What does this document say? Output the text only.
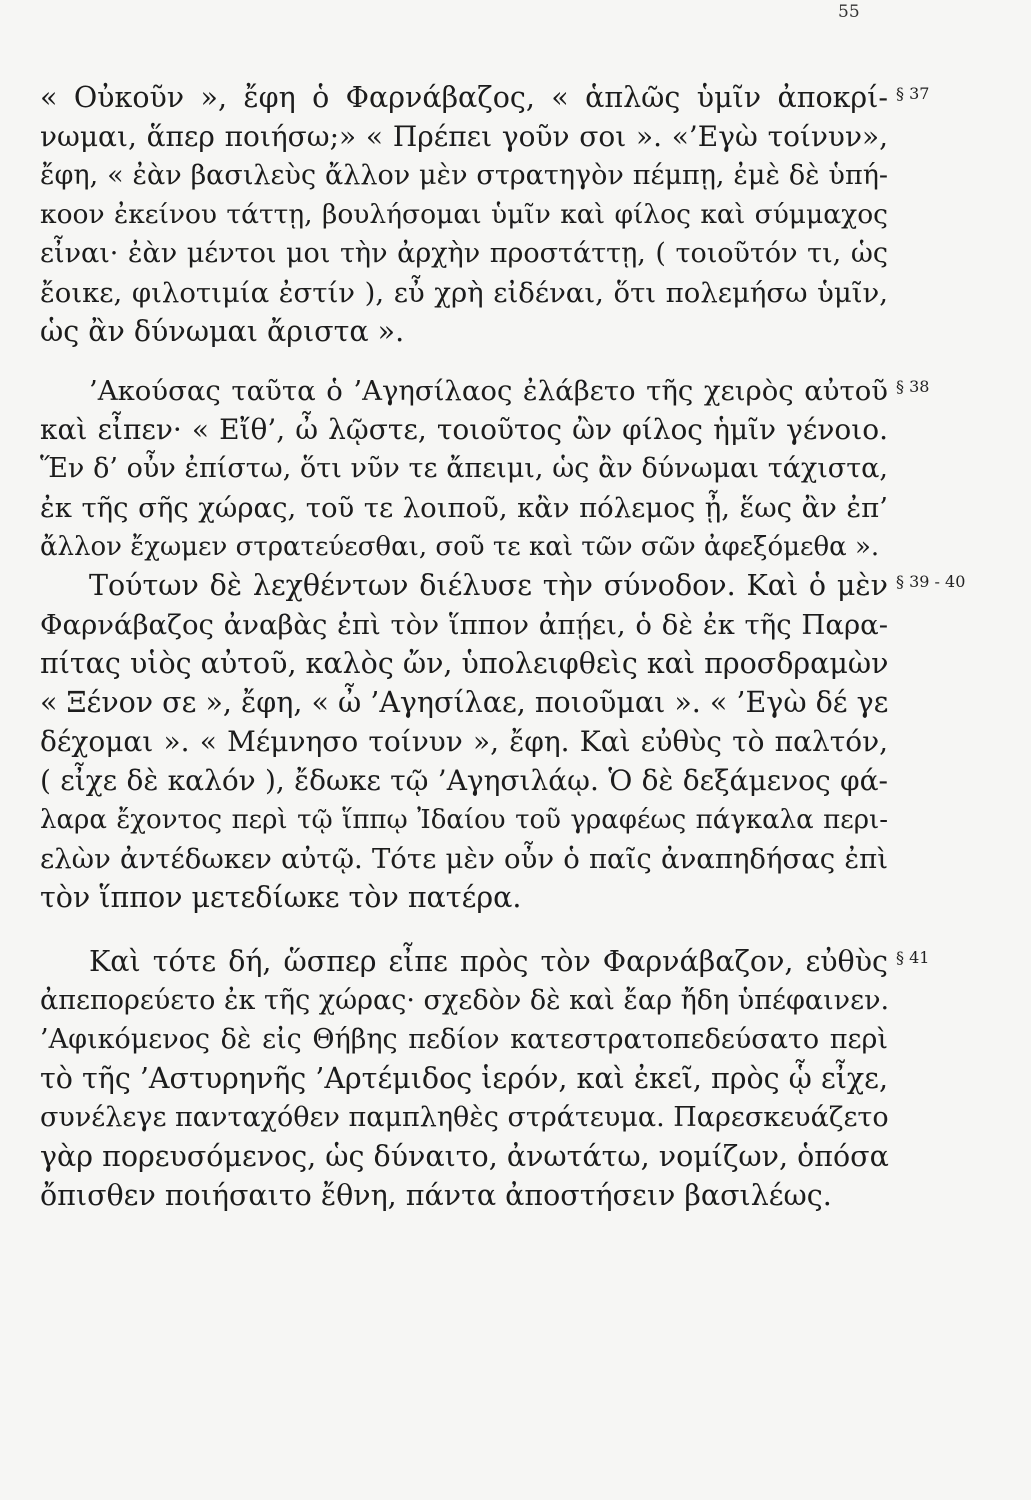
55
« Οὐκοῦν », ἔφη ὁ Φαρνάβαζος, « ἁπλῶς ὑμῖν ἀποκρί-
νωμαι, ἅπερ ποιήσω;» « Πρέπει γοῦν σοι ». «’Εγὼ τοίνυν»,
ἔφη, « ἐὰν βασιλεὺς ἄλλον μὲν στρατηγὸν πέμπῃ, ἐμὲ δὲ ὑπή-
κοον ἐκείνου τάττῃ, βουλήσομαι ὑμῖν καὶ φίλος καὶ σύμμαχος
εἶναι· ἐὰν μέντοι μοι τὴν ἀρχὴν προστάττῃ, ( τοιοῦτόν τι, ὡς
ἔοικε, φιλοτιμία ἐστίν ), εὖ χρὴ εἰδέναι, ὅτι πολεμήσω ὑμῖν,
ὡς ἂν δύνωμαι ἄριστα ».
’Ακούσας ταῦτα ὁ ’Αγησίλαος ἐλάβετο τῆς χειρὸς αὐτοῦ
καὶ εἶπεν· « Εἴθ’, ὦ λῷστε, τοιοῦτος ὢν φίλος ἡμῖν γένοιο.
Ἕν δ’ οὖν ἐπίστω, ὅτι νῦν τε ἄπειμι, ὡς ἂν δύνωμαι τάχιστα,
ἐκ τῆς σῆς χώρας, τοῦ τε λοιποῦ, κἂν πόλεμος ᾖ, ἕως ἂν ἐπ’
ἄλλον ἔχωμεν στρατεύεσθαι, σοῦ τε καὶ τῶν σῶν ἀφεξόμεθα ».
Τούτων δὲ λεχθέντων διέλυσε τὴν σύνοδον. Καὶ ὁ μὲν
Φαρνάβαζος ἀναβὰς ἐπὶ τὸν ἵππον ἀπῄει, ὁ δὲ ἐκ τῆς Παρα-
πίτας υἱὸς αὐτοῦ, καλὸς ὤν, ὑπολειφθεὶς καὶ προσδραμὼν
« Ξένον σε », ἔφη, « ὦ ’Αγησίλαε, ποιοῦμαι ». « ’Εγὼ δέ γε
δέχομαι ». « Μέμνησο τοίνυν », ἔφη. Καὶ εὐθὺς τὸ παλτόν,
( εἶχε δὲ καλόν ), ἔδωκε τῷ ’Αγησιλάῳ. Ὁ δὲ δεξάμενος φά-
λαρα ἔχοντος περὶ τῷ ἵππῳ Ἰδαίου τοῦ γραφέως πάγκαλα περι-
ελὼν ἀντέδωκεν αὐτῷ. Τότε μὲν οὖν ὁ παῖς ἀναπηδήσας ἐπὶ
τὸν ἵππον μετεδίωκε τὸν πατέρα.
Καὶ τότε δή, ὥσπερ εἶπε πρὸς τὸν Φαρνάβαζον, εὐθὺς
ἀπεπορεύετο ἐκ τῆς χώρας· σχεδὸν δὲ καὶ ἔαρ ἤδη ὑπέφαινεν.
’Αφικόμενος δὲ εἰς Θήβης πεδίον κατεστρατοπεδεύσατο περὶ
τὸ τῆς ’Αστυρηνῆς ’Αρτέμιδος ἱερόν, καὶ ἐκεῖ, πρὸς ᾧ εἶχε,
συνέλεγε πανταχόθεν παμπληθὲς στράτευμα. Παρεσκευάζετο
γὰρ πορευσόμενος, ὡς δύναιτο, ἀνωτάτω, νομίζων, ὁπόσα
ὄπισθεν ποιήσαιτο ἔθνη, πάντα ἀποστήσειν βασιλέως.
§ 37
§ 38
§ 39 - 40
§ 41
